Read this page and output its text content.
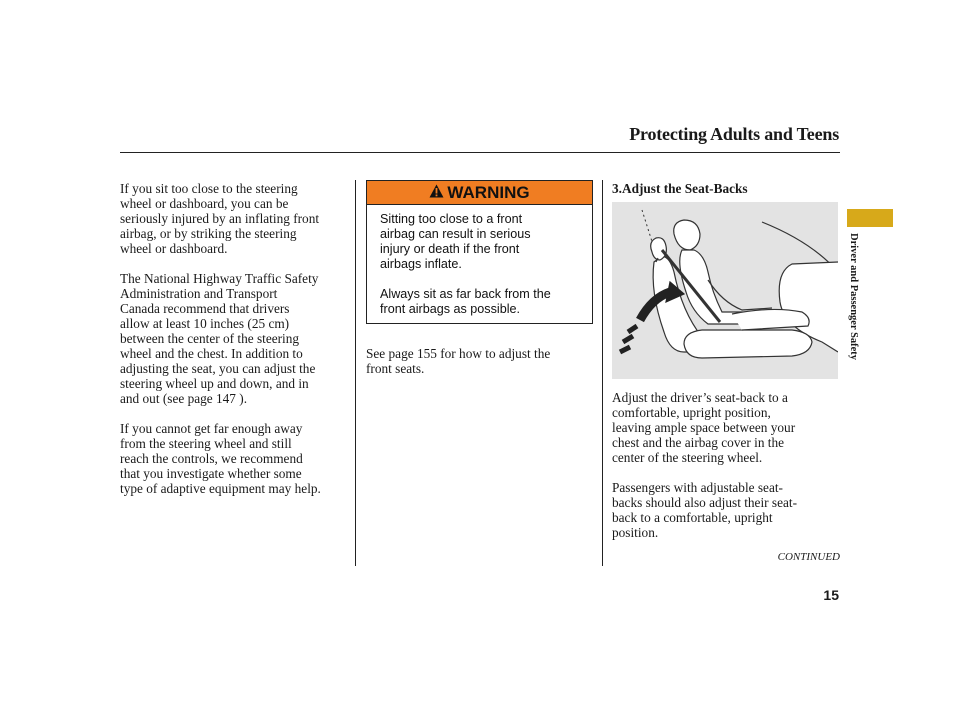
Protecting Adults and Teens

If you sit too close to the steering
wheel or dashboard, you can be
seriously injured by an inflating front
airbag, or by striking the steering
wheel or dashboard.

The National Highway Traffic Safety
Administration and Transport
Canada recommend that drivers
allow at least 10 inches (25 cm)
between the center of the steering
wheel and the chest. In addition to
adjusting the seat, you can adjust the
steering wheel up and down, and in
and out (see page 147 ).

If you cannot get far enough away
from the steering wheel and still
reach the controls, we recommend
that you investigate whether some
type of adaptive equipment may help.

WARNING

Sitting too close to a front
airbag can result in serious
injury or death if the front
airbags inflate.

Always sit as far back from the
front airbags as possible.

See page 155 for how to adjust the
front seats.

3.Adjust the Seat-Backs

Adjust the driver’s seat-back to a
comfortable, upright position,
leaving ample space between your
chest and the airbag cover in the
center of the steering wheel.

Passengers with adjustable seat-
backs should also adjust their seat-
back to a comfortable, upright
position.

Driver and Passenger Safety
CONTINUED
15
